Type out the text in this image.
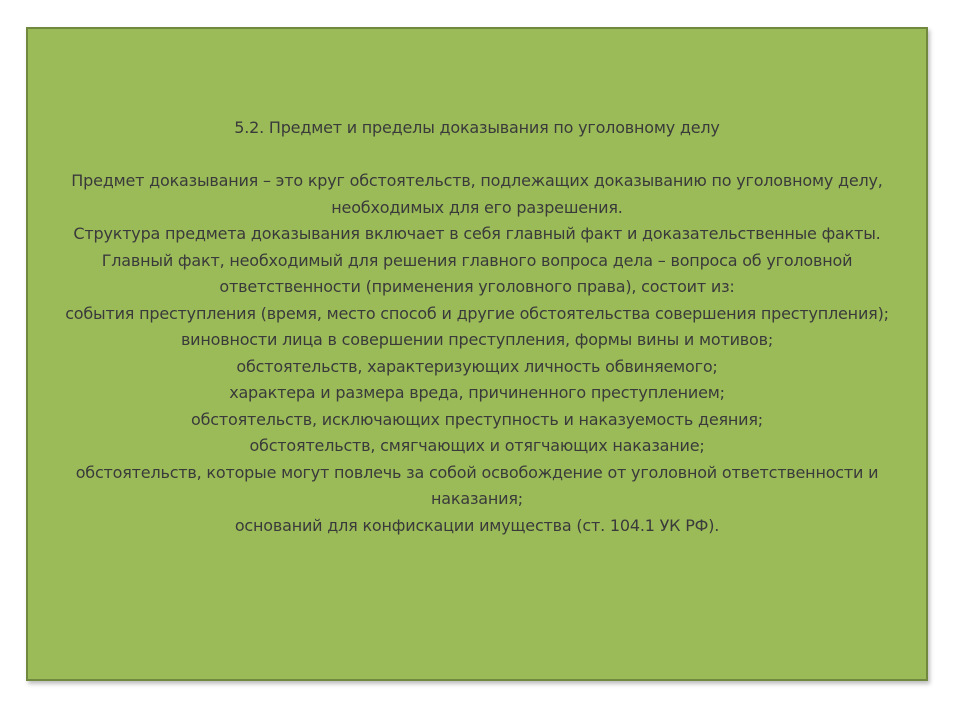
5.2. Предмет и пределы доказывания по уголовному делу

Предмет доказывания – это круг обстоятельств, подлежащих доказыванию по уголовному делу, необходимых для его разрешения.

Структура предмета доказывания включает в себя главный факт и доказательственные факты.

Главный факт, необходимый для решения главного вопроса дела – вопроса об уголовной ответственности (применения уголовного права), состоит из:

события преступления (время, место способ и другие обстоятельства совершения преступления);

виновности лица в совершении преступления, формы вины и мотивов;

обстоятельств, характеризующих личность обвиняемого;

характера и размера вреда, причиненного преступлением;

обстоятельств, исключающих преступность и наказуемость деяния;

обстоятельств, смягчающих и отягчающих наказание;

обстоятельств, которые могут повлечь за собой освобождение от уголовной ответственности и наказания;

оснований для конфискации имущества (ст. 104.1 УК РФ).
